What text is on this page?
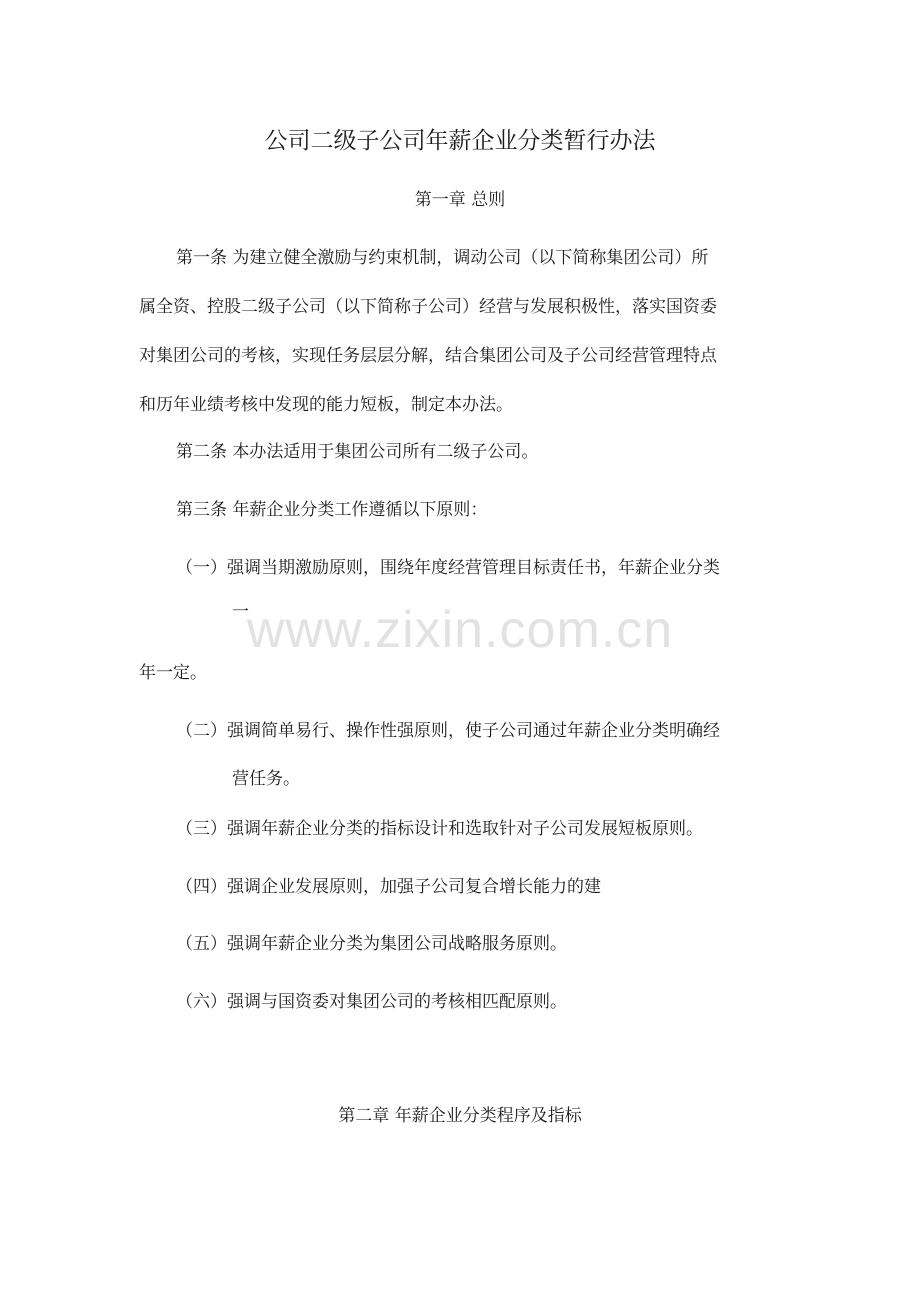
公司二级子公司年薪企业分类暂行办法
第一章 总则
第一条 为建立健全激励与约束机制，调动公司（以下简称集团公司）所
属全资、控股二级子公司（以下简称子公司）经营与发展积极性，落实国资委
对集团公司的考核，实现任务层层分解，结合集团公司及子公司经营管理特点
和历年业绩考核中发现的能力短板，制定本办法。
第二条 本办法适用于集团公司所有二级子公司。
第三条 年薪企业分类工作遵循以下原则：
（一）强调当期激励原则，围绕年度经营管理目标责任书，年薪企业分类
一
年一定。
（二）强调简单易行、操作性强原则，使子公司通过年薪企业分类明确经
营任务。
（三）强调年薪企业分类的指标设计和选取针对子公司发展短板原则。
（四）强调企业发展原则，加强子公司复合增长能力的建
（五）强调年薪企业分类为集团公司战略服务原则。
（六）强调与国资委对集团公司的考核相匹配原则。
第二章 年薪企业分类程序及指标
www.zixin.com.cn
